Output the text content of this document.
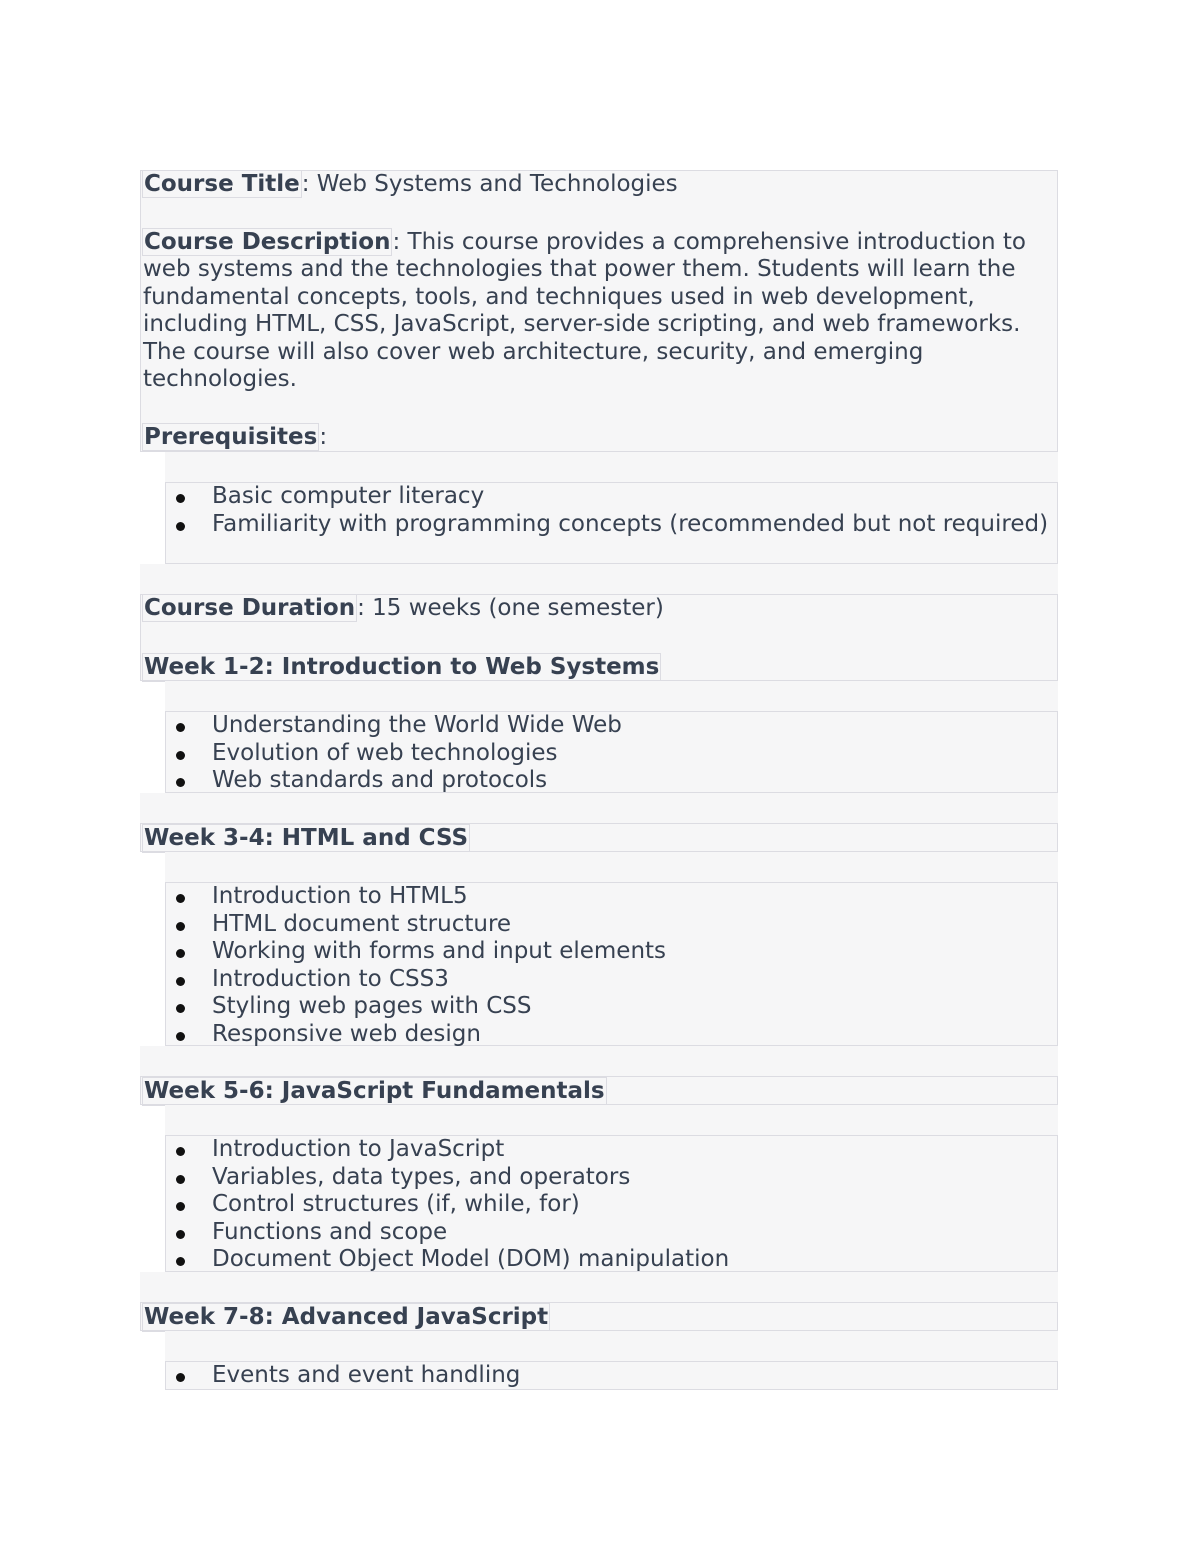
Course Title: Web Systems and Technologies

Course Description: This course provides a comprehensive introduction to web systems and the technologies that power them. Students will learn the fundamental concepts, tools, and techniques used in web development, including HTML, CSS, JavaScript, server-side scripting, and web frameworks. The course will also cover web architecture, security, and emerging technologies.

Prerequisites:

Basic computer literacy
Familiarity with programming concepts (recommended but not required)

Course Duration: 15 weeks (one semester)

Week 1-2: Introduction to Web Systems

Understanding the World Wide Web
Evolution of web technologies
Web standards and protocols

Week 3-4: HTML and CSS

Introduction to HTML5
HTML document structure
Working with forms and input elements
Introduction to CSS3
Styling web pages with CSS
Responsive web design

Week 5-6: JavaScript Fundamentals

Introduction to JavaScript
Variables, data types, and operators
Control structures (if, while, for)
Functions and scope
Document Object Model (DOM) manipulation

Week 7-8: Advanced JavaScript

Events and event handling
